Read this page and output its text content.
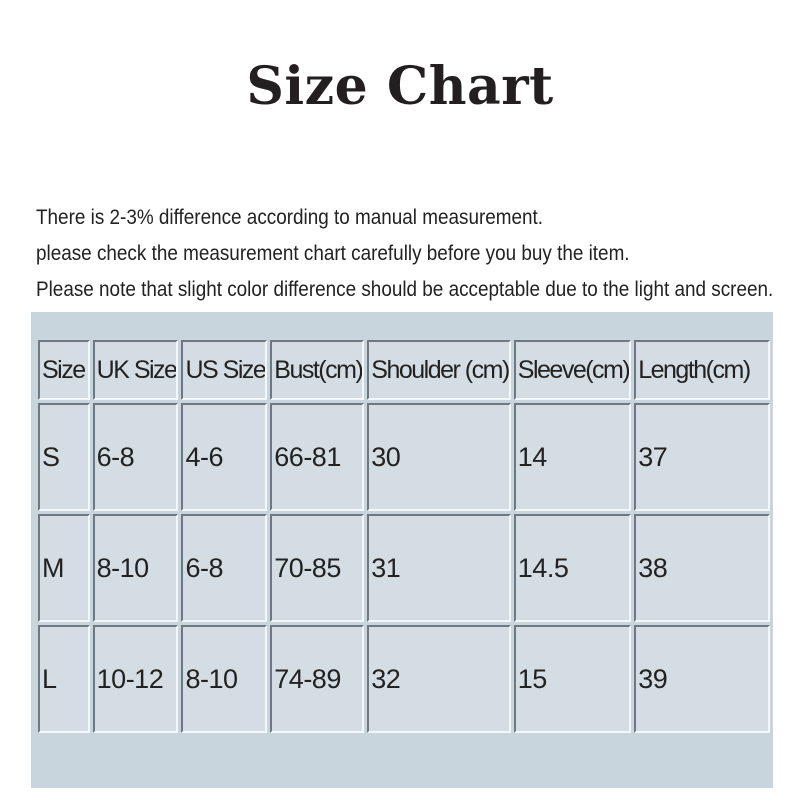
Size Chart
There is 2-3% difference according to manual measurement.
please check the measurement chart carefully before you buy the item.
Please note that slight color difference should be acceptable due to the light and screen.
Size	UK Size	US Size	Bust(cm)	Shoulder (cm)	Sleeve(cm)	Length(cm)
S	6-8	4-6	66-81	30	14	37
M	8-10	6-8	70-85	31	14.5	38
L	10-12	8-10	74-89	32	15	39
